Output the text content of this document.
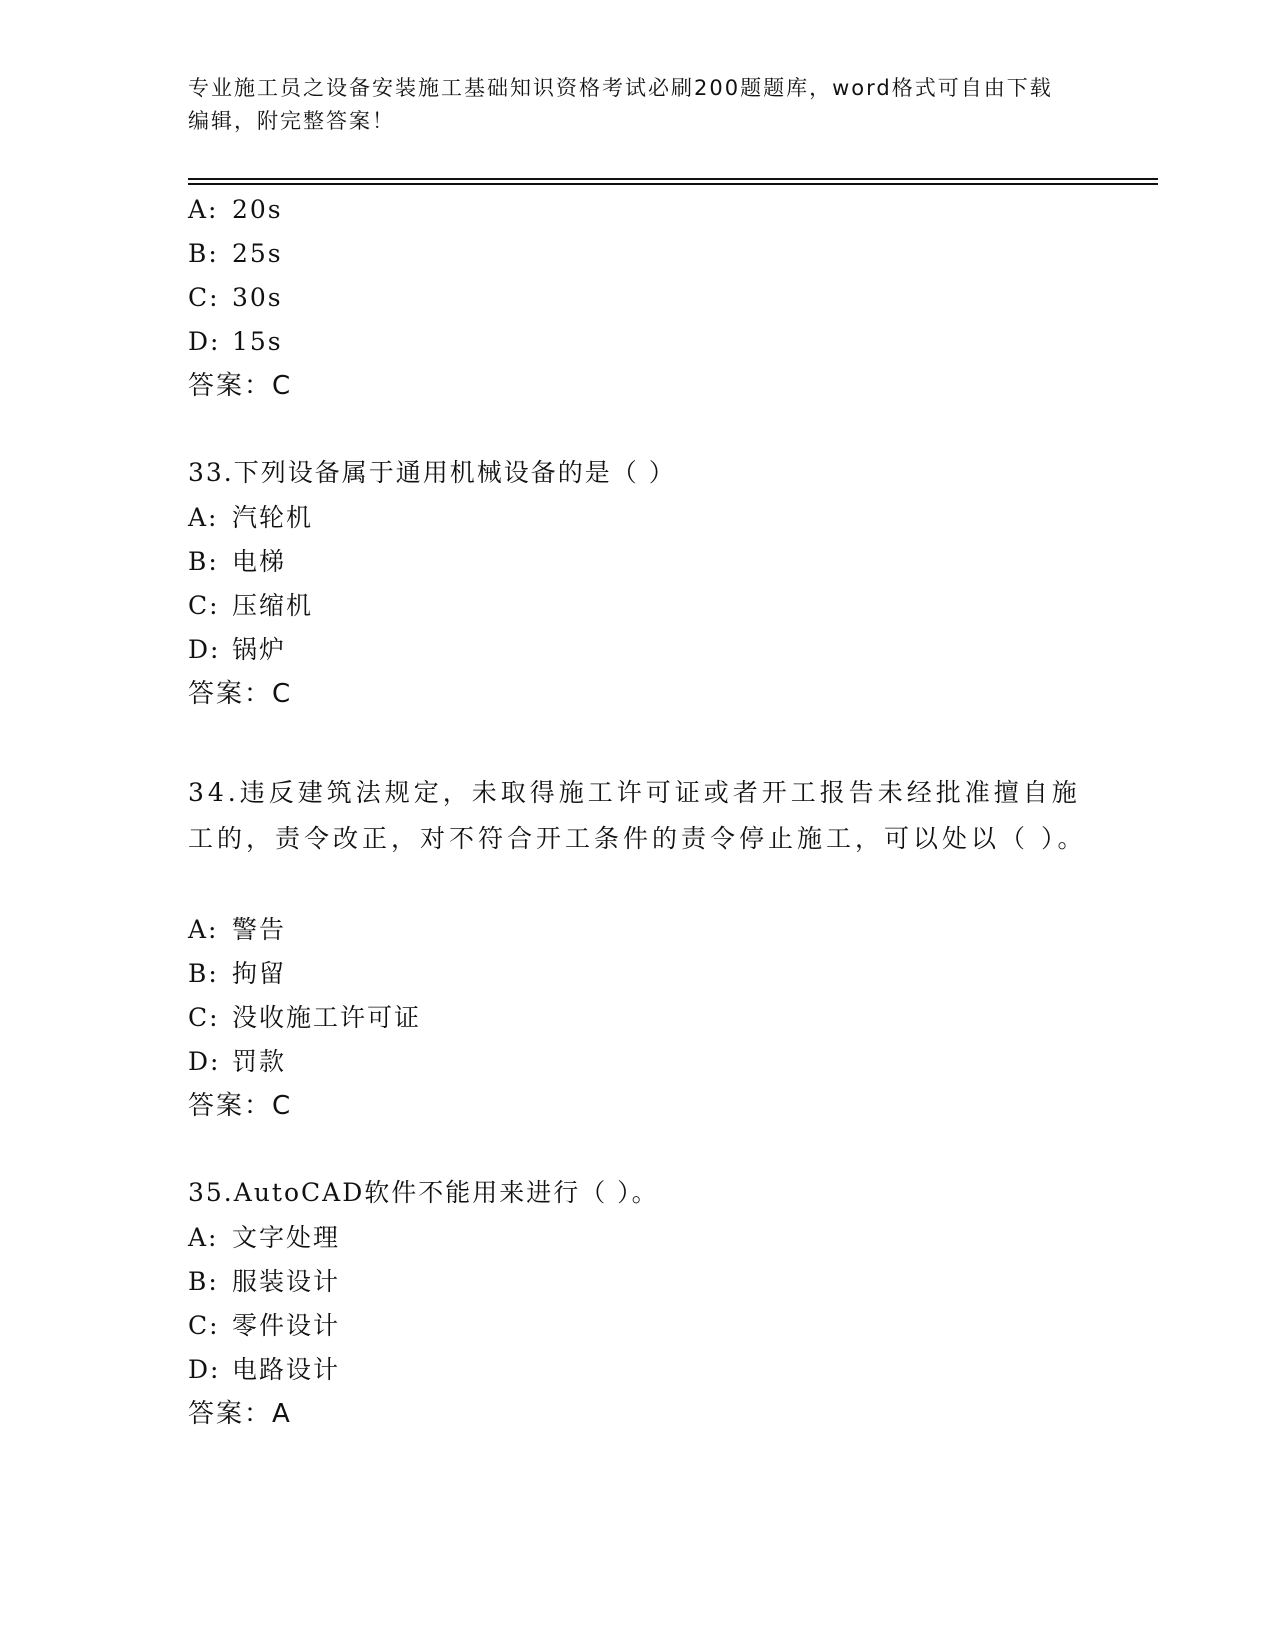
专业施工员之设备安装施工基础知识资格考试必刷200题题库，word格式可自由下载编辑，附完整答案！
A: 20s
B: 25s
C: 30s
D: 15s
答案：C
33.下列设备属于通用机械设备的是（ ）
A: 汽轮机
B: 电梯
C: 压缩机
D: 锅炉
答案：C
34.违反建筑法规定，未取得施工许可证或者开工报告未经批准擅自施工的，责令改正，对不符合开工条件的责令停止施工，可以处以（ ）。
A: 警告
B: 拘留
C: 没收施工许可证
D: 罚款
答案：C
35.AutoCAD软件不能用来进行（ ）。
A: 文字处理
B: 服装设计
C: 零件设计
D: 电路设计
答案：A
